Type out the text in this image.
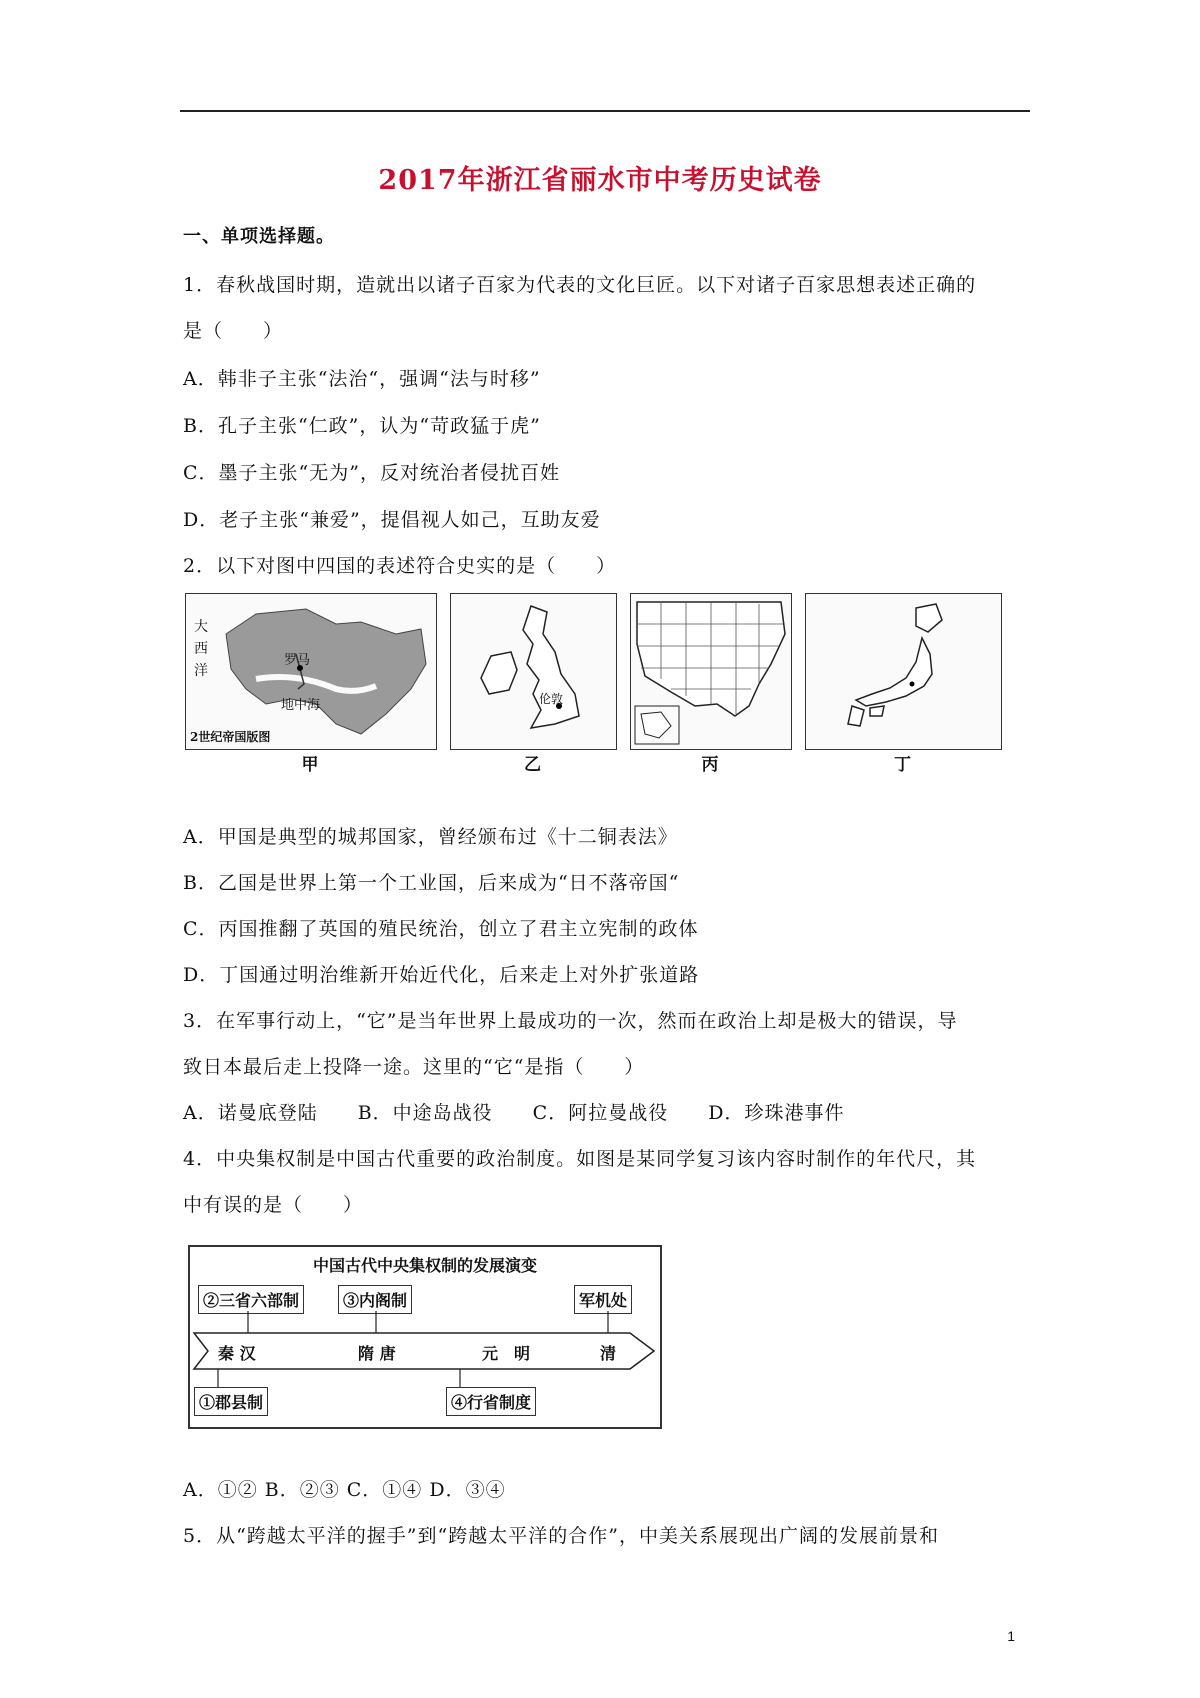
2017年浙江省丽水市中考历史试卷
一、单项选择题。
1．春秋战国时期，造就出以诸子百家为代表的文化巨匠。以下对诸子百家思想表述正确的
是（　　）
A．韩非子主张“法治“，强调“法与时移”
B．孔子主张“仁政”，认为“苛政猛于虎”
C．墨子主张“无为”，反对统治者侵扰百姓
D．老子主张“兼爱”，提倡视人如己，互助友爱
2．以下对图中四国的表述符合史实的是（　　）
大
西
洋
罗马
地中海
2世纪帝国版图
甲
伦敦
乙	丙	丁
A．甲国是典型的城邦国家，曾经颁布过《十二铜表法》
B．乙国是世界上第一个工业国，后来成为“日不落帝国“
C．丙国推翻了英国的殖民统治，创立了君主立宪制的政体
D．丁国通过明治维新开始近代化，后来走上对外扩张道路
3．在军事行动上，“它”是当年世界上最成功的一次，然而在政治上却是极大的错误，导
致日本最后走上投降一途。这里的“它“是指（　　）
A．诺曼底登陆　　B．中途岛战役　　C．阿拉曼战役　　D．珍珠港事件
4．中央集权制是中国古代重要的政治制度。如图是某同学复习该内容时制作的年代尺，其
中有误的是（　　）
中国古代中央集权制的发展演变
②三省六部制	③内阁制	军机处
秦 汉	隋 唐	元　明	清
①郡县制	④行省制度
A．①② B．②③ C．①④ D．③④
5．从“跨越太平洋的握手”到“跨越太平洋的合作”，中美关系展现出广阔的发展前景和
1
